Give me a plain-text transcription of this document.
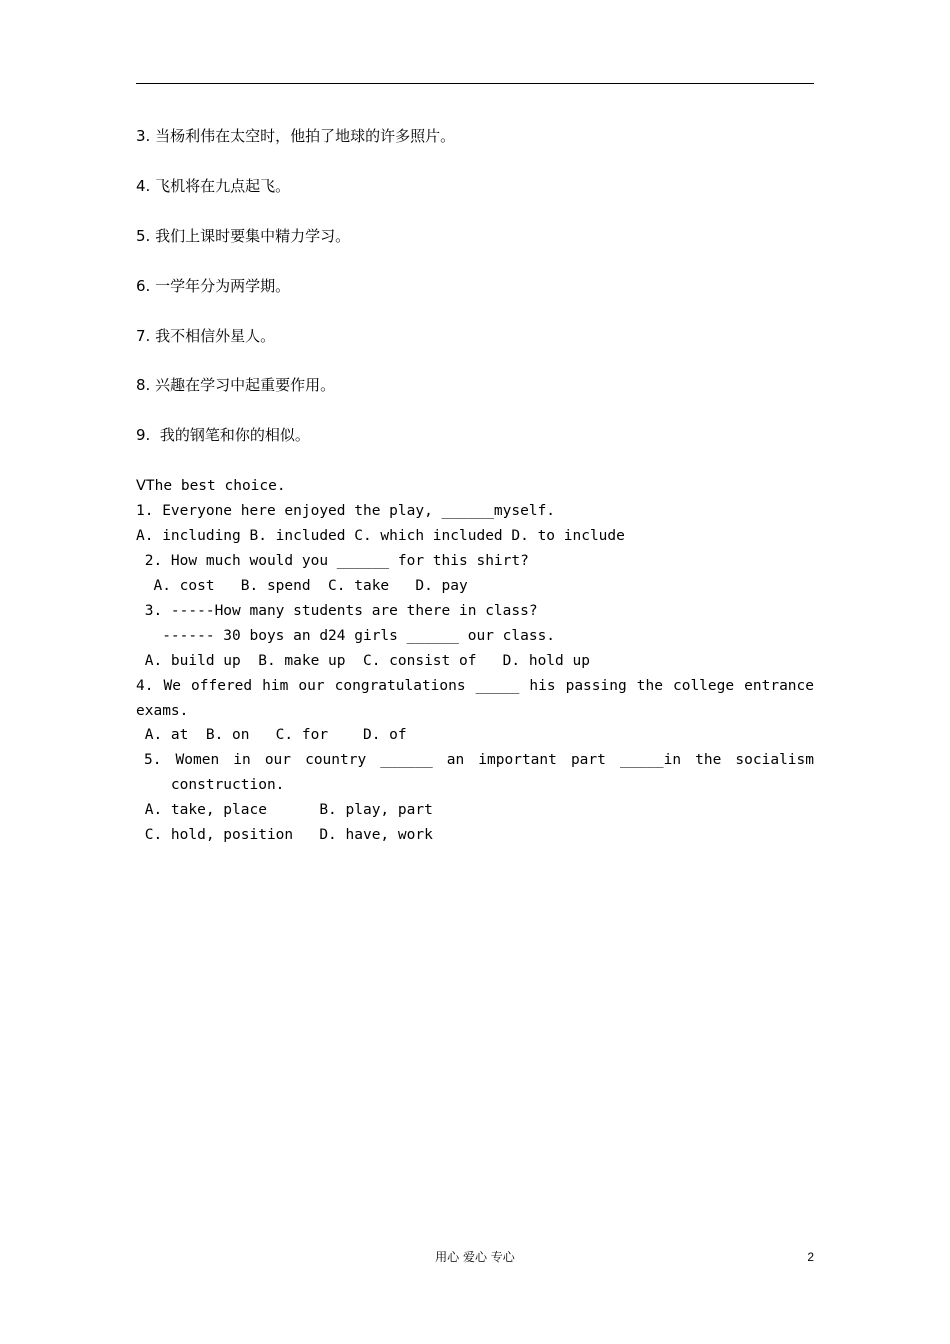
3. 当杨利伟在太空时，他拍了地球的许多照片。
4. 飞机将在九点起飞。
5. 我们上课时要集中精力学习。
6. 一学年分为两学期。
7. 我不相信外星人。
8. 兴趣在学习中起重要作用。
9.  我的钢笔和你的相似。
ⅤThe best choice.
1. Everyone here enjoyed the play, ______myself.
A. including B. included C. which included D. to include
2. How much would you ______ for this shirt?
A. cost   B. spend  C. take   D. pay
3. -----How many students are there in class?
------ 30 boys an d24 girls ______ our class.
A. build up  B. make up  C. consist of   D. hold up
4. We offered him our congratulations _____ his passing the college entrance
exams.
A. at  B. on   C. for    D. of
5. Women in our country ______ an important part _____in the socialism
construction.
A. take, place      B. play, part
C. hold, position   D. have, work
用心 爱心 专心	2
